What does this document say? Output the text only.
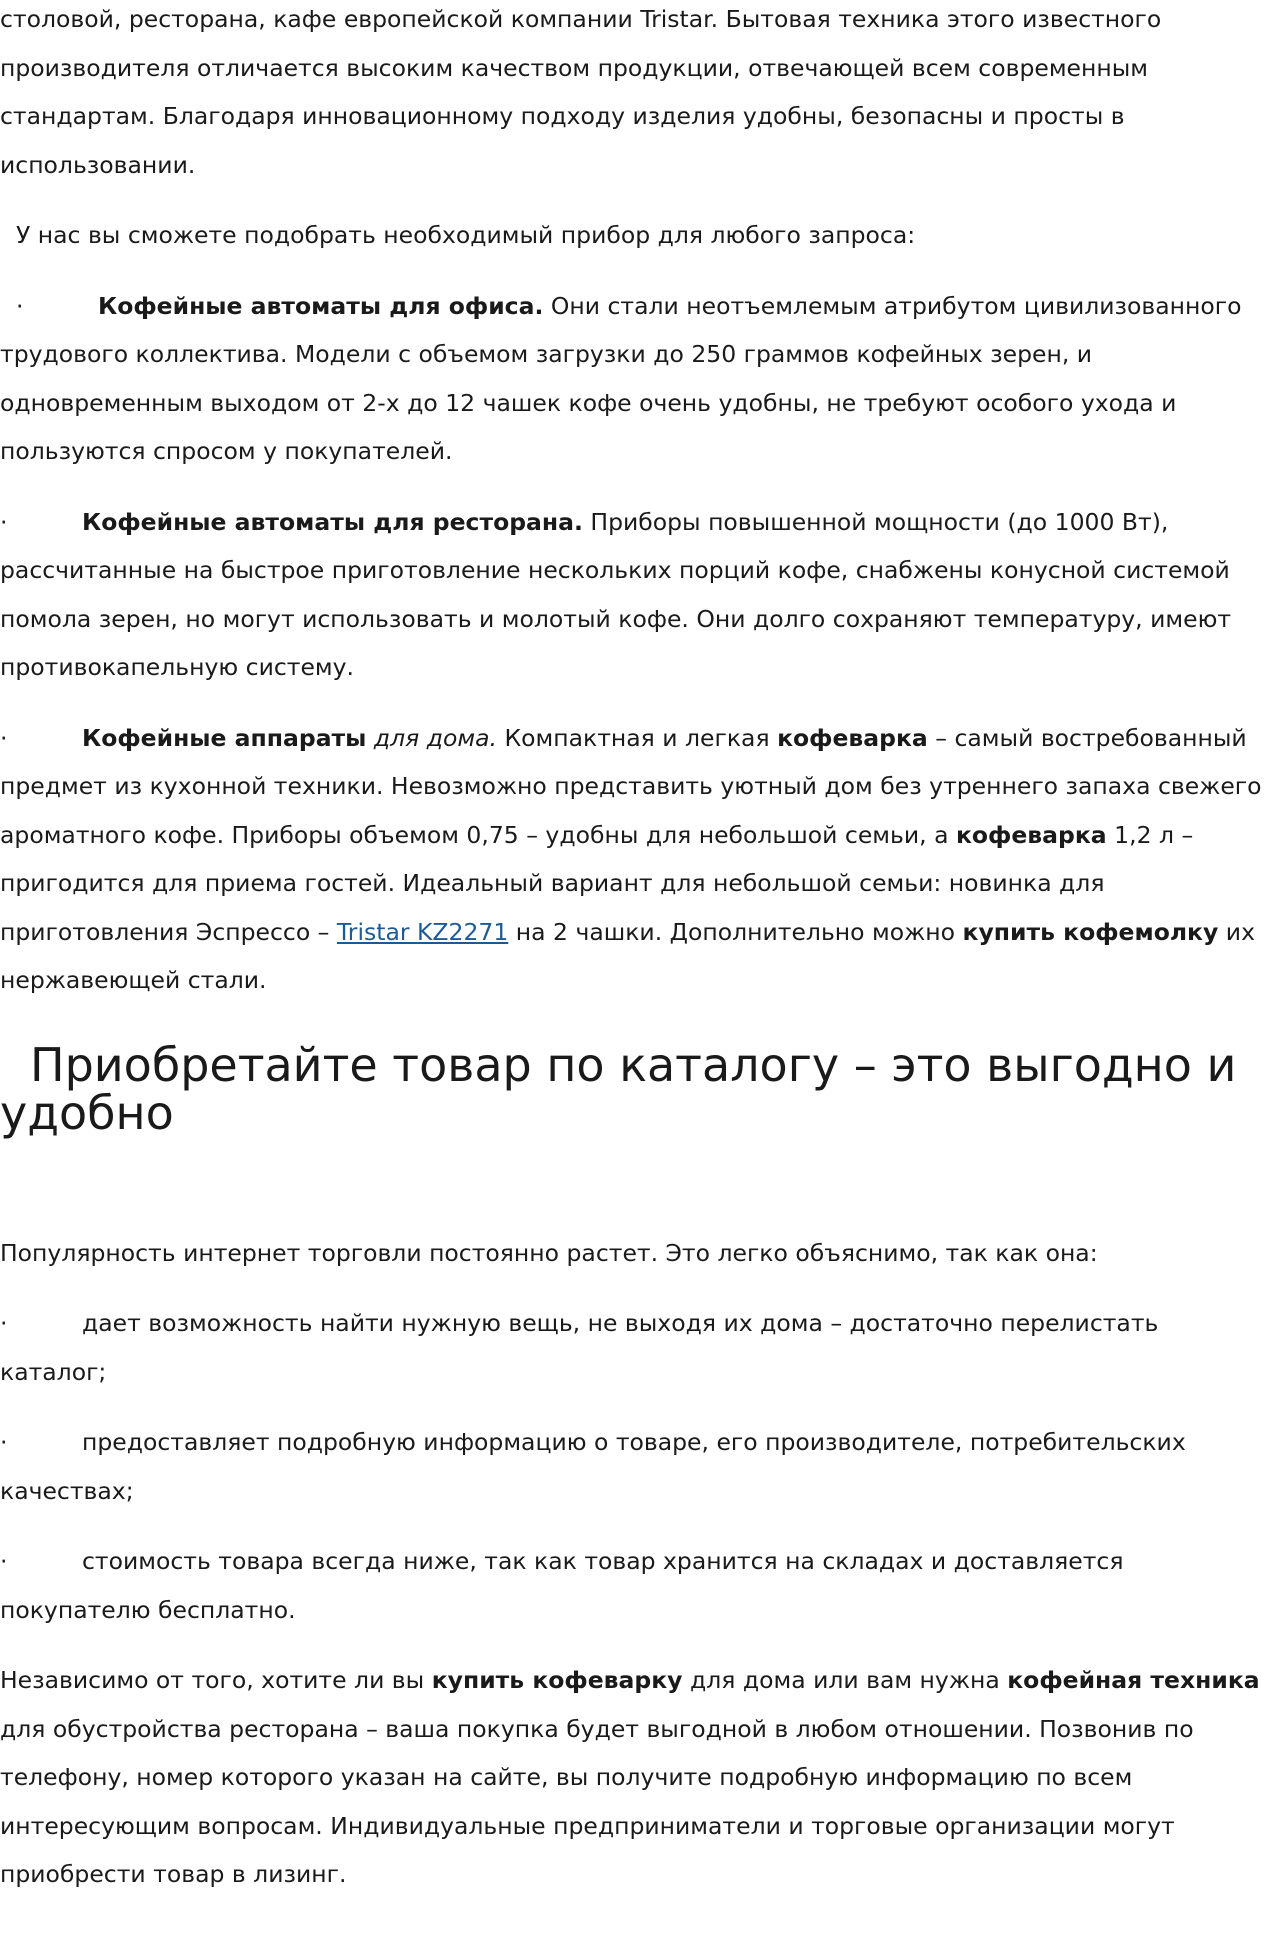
столовой, ресторана, кафе европейской компании Tristar. Бытовая техника этого известного производителя отличается высоким качеством продукции, отвечающей всем современным стандартам. Благодаря инновационному подходу изделия удобны, безопасны и просты в использовании.

У нас вы сможете подобрать необходимый прибор для любого запроса:

·	Кофейные автоматы для офиса. Они стали неотъемлемым атрибутом цивилизованного трудового коллектива. Модели с объемом загрузки до 250 граммов кофейных зерен, и одновременным выходом от 2-х до 12 чашек кофе очень удобны, не требуют особого ухода и пользуются спросом у покупателей.

·	Кофейные автоматы для ресторана. Приборы повышенной мощности (до 1000 Вт), рассчитанные на быстрое приготовление нескольких порций кофе, снабжены конусной системой помола зерен, но могут использовать и молотый кофе. Они долго сохраняют температуру, имеют противокапельную систему.

·	Кофейные аппараты для дома. Компактная и легкая кофеварка – самый востребованный предмет из кухонной техники. Невозможно представить уютный дом без утреннего запаха свежего ароматного кофе. Приборы объемом 0,75 – удобны для небольшой семьи, а кофеварка 1,2 л – пригодится для приема гостей. Идеальный вариант для небольшой семьи: новинка для приготовления Эспрессо – Tristar KZ2271 на 2 чашки. Дополнительно можно купить кофемолку их нержавеющей стали.

Приобретайте товар по каталогу – это выгодно и удобно

Популярность интернет торговли постоянно растет. Это легко объяснимо, так как она:

·	дает возможность найти нужную вещь, не выходя их дома – достаточно перелистать каталог;

·	предоставляет подробную информацию о товаре, его производителе, потребительских качествах;

·	стоимость товара всегда ниже, так как товар хранится на складах и доставляется покупателю бесплатно.

Независимо от того, хотите ли вы купить кофеварку для дома или вам нужна кофейная техника для обустройства ресторана – ваша покупка будет выгодной в любом отношении. Позвонив по телефону, номер которого указан на сайте, вы получите подробную информацию по всем интересующим вопросам. Индивидуальные предприниматели и торговые организации могут приобрести товар в лизинг.
